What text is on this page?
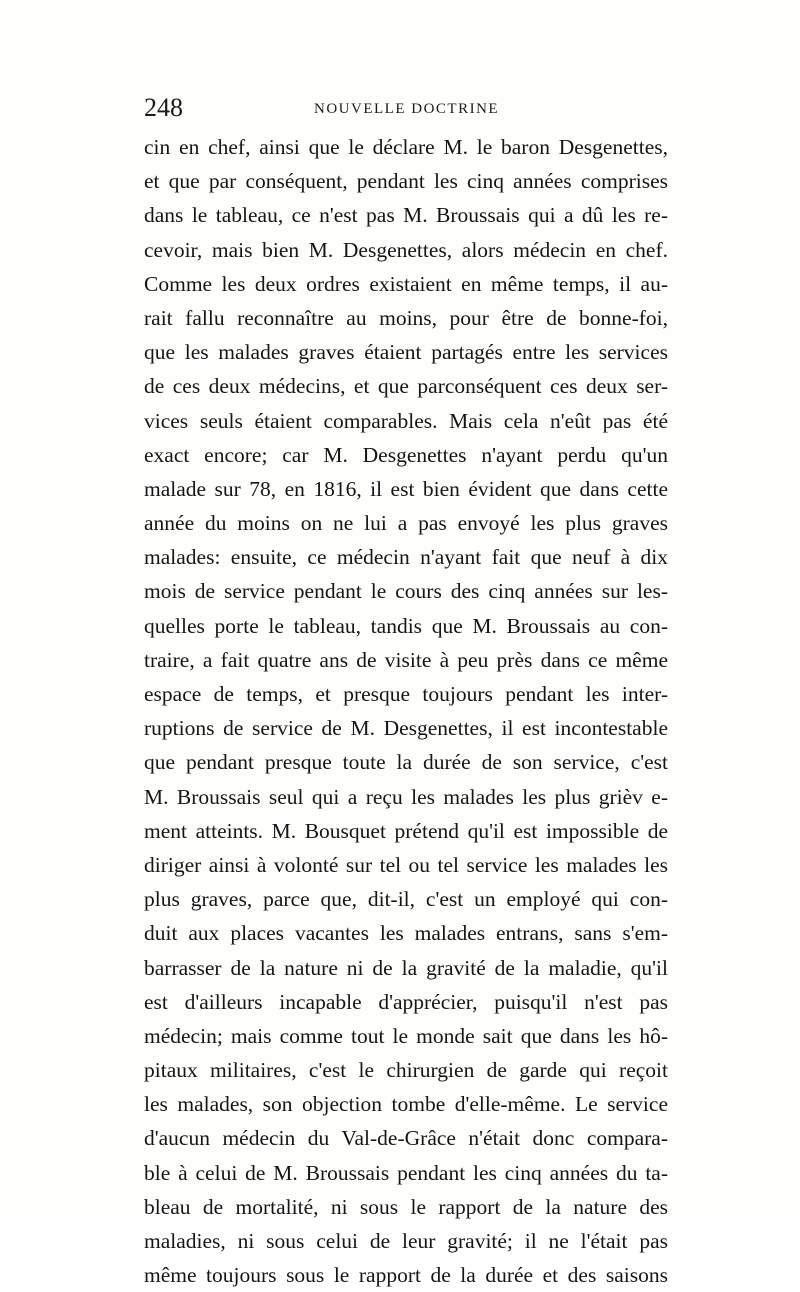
248	NOUVELLE DOCTRINE
cin en chef, ainsi que le déclare M. le baron Desgenettes,
et que par conséquent, pendant les cinq années comprises
dans le tableau, ce n'est pas M. Broussais qui a dû les re-
cevoir, mais bien M. Desgenettes, alors médecin en chef.
Comme les deux ordres existaient en même temps, il au-
rait fallu reconnaître au moins, pour être de bonne-foi,
que les malades graves étaient partagés entre les services
de ces deux médecins, et que parconséquent ces deux ser-
vices seuls étaient comparables. Mais cela n'eût pas été
exact encore; car M. Desgenettes n'ayant perdu qu'un
malade sur 78, en 1816, il est bien évident que dans cette
année du moins on ne lui a pas envoyé les plus graves
malades: ensuite, ce médecin n'ayant fait que neuf à dix
mois de service pendant le cours des cinq années sur les-
quelles porte le tableau, tandis que M. Broussais au con-
traire, a fait quatre ans de visite à peu près dans ce même
espace de temps, et presque toujours pendant les inter-
ruptions de service de M. Desgenettes, il est incontestable
que pendant presque toute la durée de son service, c'est
M. Broussais seul qui a reçu les malades les plus grièv e-
ment atteints. M. Bousquet prétend qu'il est impossible de
diriger ainsi à volonté sur tel ou tel service les malades les
plus graves, parce que, dit-il, c'est un employé qui con-
duit aux places vacantes les malades entrans, sans s'em-
barrasser de la nature ni de la gravité de la maladie, qu'il
est d'ailleurs incapable d'apprécier, puisqu'il n'est pas
médecin; mais comme tout le monde sait que dans les hô-
pitaux militaires, c'est le chirurgien de garde qui reçoit
les malades, son objection tombe d'elle-même. Le service
d'aucun médecin du Val-de-Grâce n'était donc compara-
ble à celui de M. Broussais pendant les cinq années du ta-
bleau de mortalité, ni sous le rapport de la nature des
maladies, ni sous celui de leur gravité; il ne l'était pas
même toujours sous le rapport de la durée et des saisons
